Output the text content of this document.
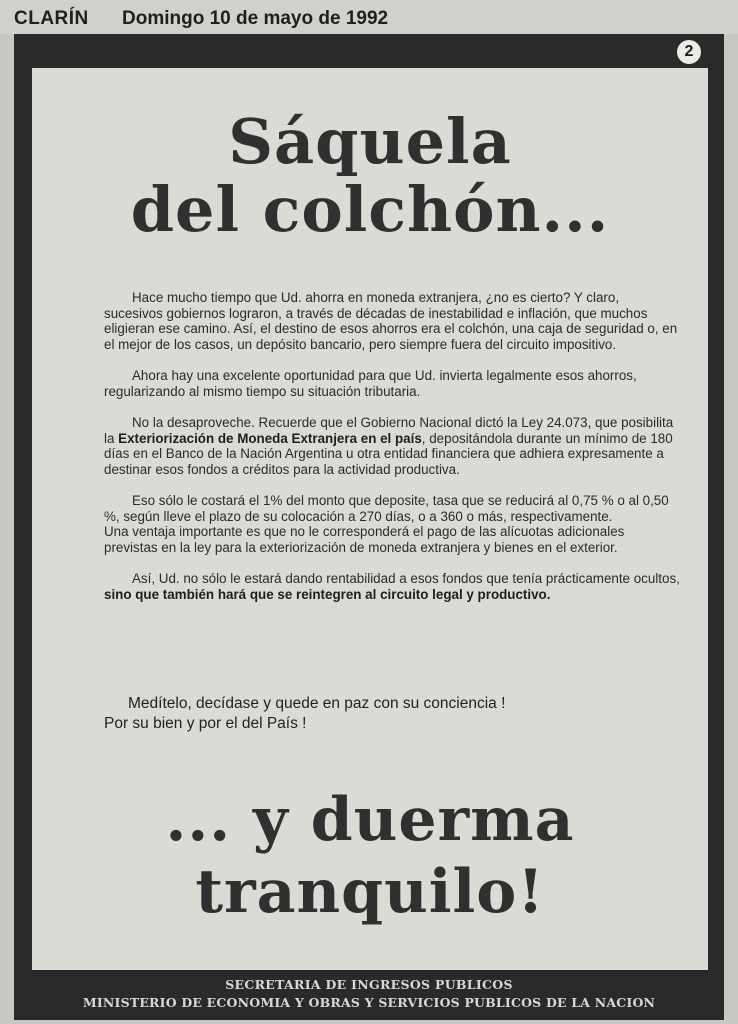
CLARÍN Domingo 10 de mayo de 1992
2
Sáquela
del colchón...

Hace mucho tiempo que Ud. ahorra en moneda extranjera, ¿no es cierto? Y claro, sucesivos gobiernos lograron, a través de décadas de inestabilidad e inflación, que muchos eligieran ese camino. Así, el destino de esos ahorros era el colchón, una caja de seguridad o, en el mejor de los casos, un depósito bancario, pero siempre fuera del circuito impositivo.

Ahora hay una excelente oportunidad para que Ud. invierta legalmente esos ahorros, regularizando al mismo tiempo su situación tributaria.

No la desaproveche. Recuerde que el Gobierno Nacional dictó la Ley 24.073, que posibilita la Exteriorización de Moneda Extranjera en el país, depositándola durante un mínimo de 180 días en el Banco de la Nación Argentina u otra entidad financiera que adhiera expresamente a destinar esos fondos a créditos para la actividad productiva.

Eso sólo le costará el 1% del monto que deposite, tasa que se reducirá al 0,75 % o al 0,50 %, según lleve el plazo de su colocación a 270 días, o a 360 o más, respectivamente.

Una ventaja importante es que no le corresponderá el pago de las alícuotas adicionales previstas en la ley para la exteriorización de moneda extranjera y bienes en el exterior.

Así, Ud. no sólo le estará dando rentabilidad a esos fondos que tenía prácticamente ocultos, sino que también hará que se reintegren al circuito legal y productivo.

Medítelo, decídase y quede en paz con su conciencia !
Por su bien y por el del País !
... y duerma
tranquilo!
SECRETARIA DE INGRESOS PUBLICOS
MINISTERIO DE ECONOMIA Y OBRAS Y SERVICIOS PUBLICOS DE LA NACION
